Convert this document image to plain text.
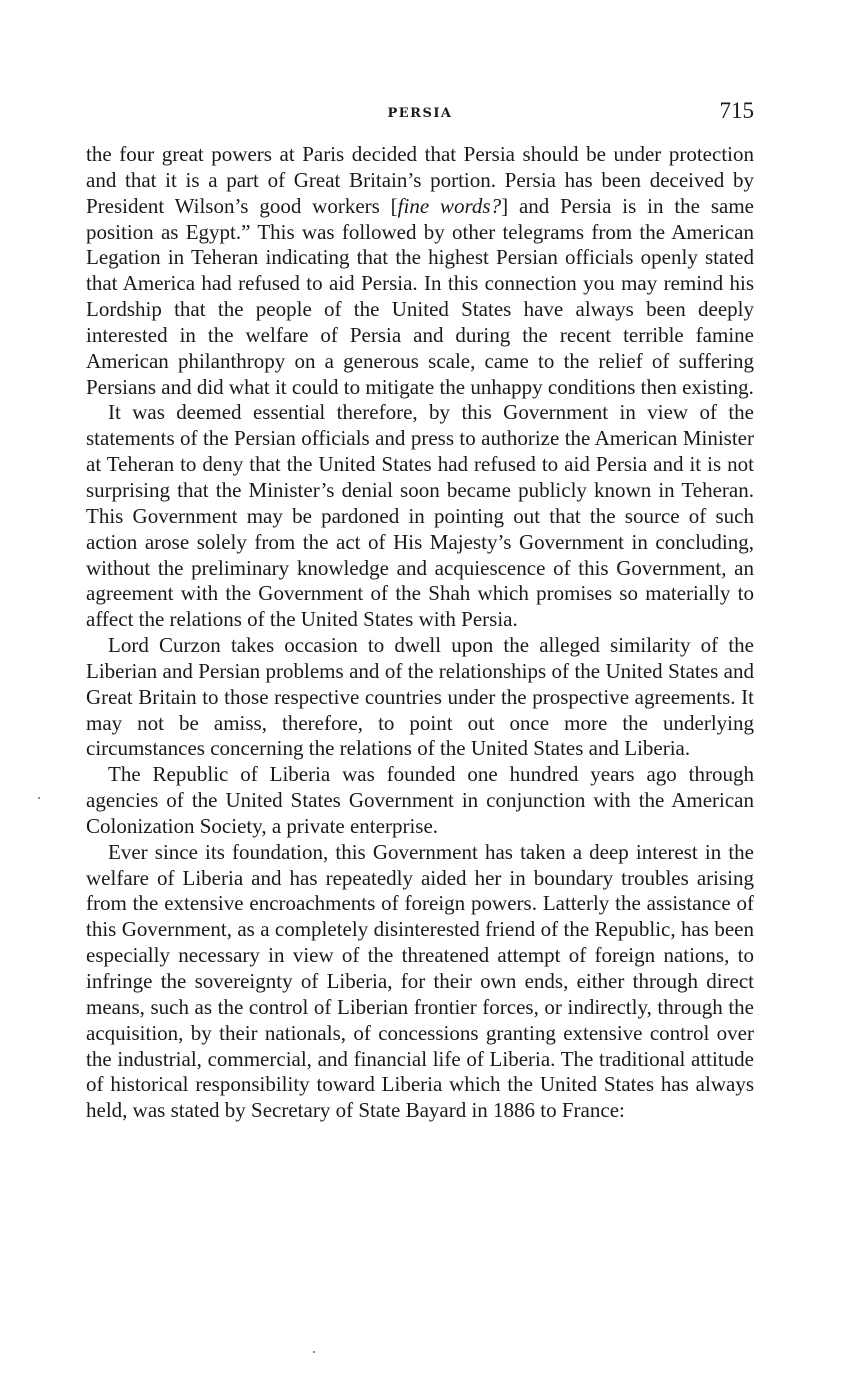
PERSIA	715

the four great powers at Paris decided that Persia should be under protection and that it is a part of Great Britain’s portion. Persia has been deceived by President Wilson’s good workers [fine words?] and Persia is in the same position as Egypt.” This was followed by other telegrams from the American Legation in Teheran indicating that the highest Persian officials openly stated that America had refused to aid Persia. In this connection you may remind his Lordship that the people of the United States have always been deeply interested in the welfare of Persia and during the recent terrible famine American philanthropy on a generous scale, came to the relief of suffering Persians and did what it could to mitigate the unhappy conditions then existing.

It was deemed essential therefore, by this Government in view of the statements of the Persian officials and press to authorize the American Minister at Teheran to deny that the United States had refused to aid Persia and it is not surprising that the Minister’s denial soon became publicly known in Teheran. This Government may be pardoned in pointing out that the source of such action arose solely from the act of His Majesty’s Government in concluding, without the preliminary knowledge and acquiescence of this Government, an agreement with the Government of the Shah which promises so materially to affect the relations of the United States with Persia.

Lord Curzon takes occasion to dwell upon the alleged similarity of the Liberian and Persian problems and of the relationships of the United States and Great Britain to those respective countries under the prospective agreements. It may not be amiss, therefore, to point out once more the underlying circumstances concerning the relations of the United States and Liberia.

The Republic of Liberia was founded one hundred years ago through agencies of the United States Government in conjunction with the American Colonization Society, a private enterprise.

Ever since its foundation, this Government has taken a deep interest in the welfare of Liberia and has repeatedly aided her in boundary troubles arising from the extensive encroachments of foreign powers. Latterly the assistance of this Government, as a completely disinterested friend of the Republic, has been especially necessary in view of the threatened attempt of foreign nations, to infringe the sovereignty of Liberia, for their own ends, either through direct means, such as the control of Liberian frontier forces, or indirectly, through the acquisition, by their nationals, of concessions granting extensive control over the industrial, commercial, and financial life of Liberia. The traditional attitude of historical responsibility toward Liberia which the United States has always held, was stated by Secretary of State Bayard in 1886 to France:
